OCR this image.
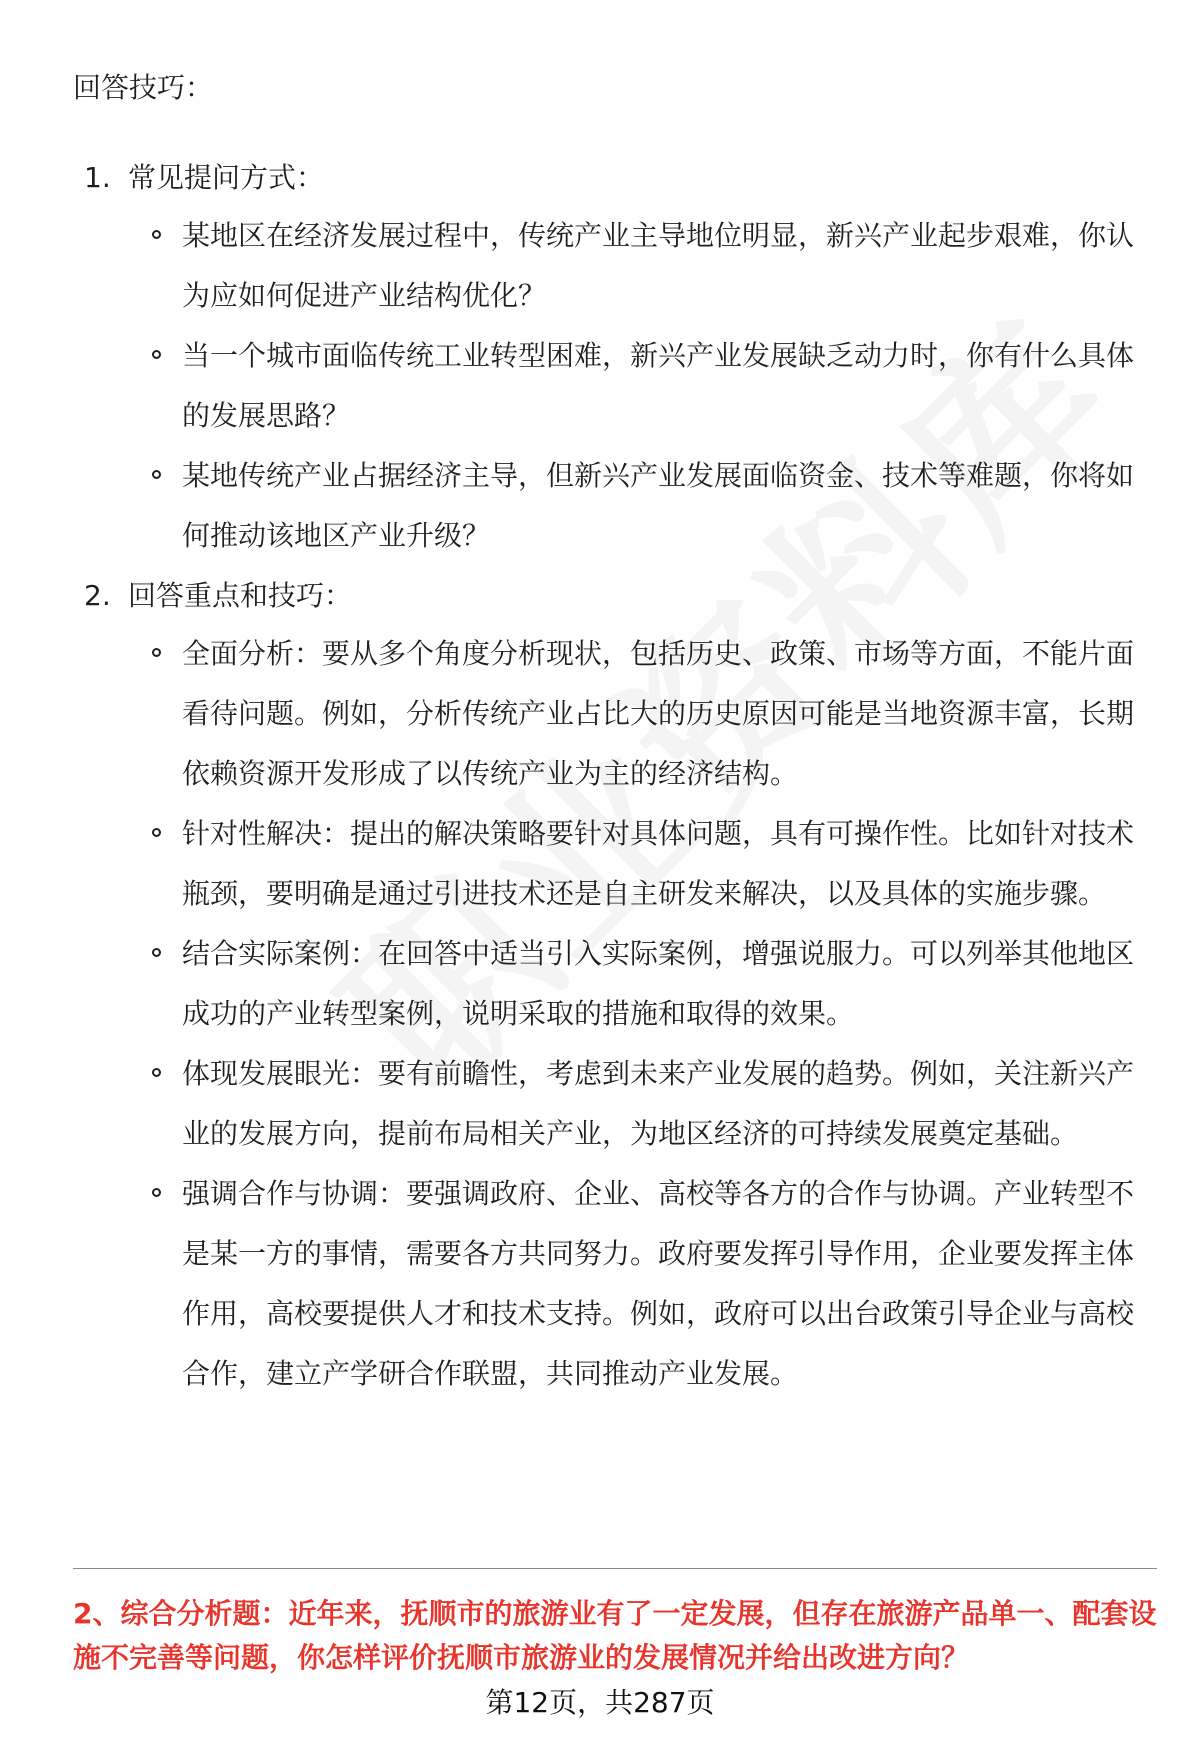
回答技巧：
1. 常见提问方式：
某地区在经济发展过程中，传统产业主导地位明显，新兴产业起步艰难，你认为应如何促进产业结构优化？
当一个城市面临传统工业转型困难，新兴产业发展缺乏动力时，你有什么具体的发展思路？
某地传统产业占据经济主导，但新兴产业发展面临资金、技术等难题，你将如何推动该地区产业升级？
2. 回答重点和技巧：
全面分析：要从多个角度分析现状，包括历史、政策、市场等方面，不能片面看待问题。例如，分析传统产业占比大的历史原因可能是当地资源丰富，长期依赖资源开发形成了以传统产业为主的经济结构。
针对性解决：提出的解决策略要针对具体问题，具有可操作性。比如针对技术瓶颈，要明确是通过引进技术还是自主研发来解决，以及具体的实施步骤。
结合实际案例：在回答中适当引入实际案例，增强说服力。可以列举其他地区成功的产业转型案例，说明采取的措施和取得的效果。
体现发展眼光：要有前瞻性，考虑到未来产业发展的趋势。例如，关注新兴产业的发展方向，提前布局相关产业，为地区经济的可持续发展奠定基础。
强调合作与协调：要强调政府、企业、高校等各方的合作与协调。产业转型不是某一方的事情，需要各方共同努力。政府要发挥引导作用，企业要发挥主体作用，高校要提供人才和技术支持。例如，政府可以出台政策引导企业与高校合作，建立产学研合作联盟，共同推动产业发展。
2、综合分析题：近年来，抚顺市的旅游业有了一定发展，但存在旅游产品单一、配套设施不完善等问题，你怎样评价抚顺市旅游业的发展情况并给出改进方向？
第12页，共287页
